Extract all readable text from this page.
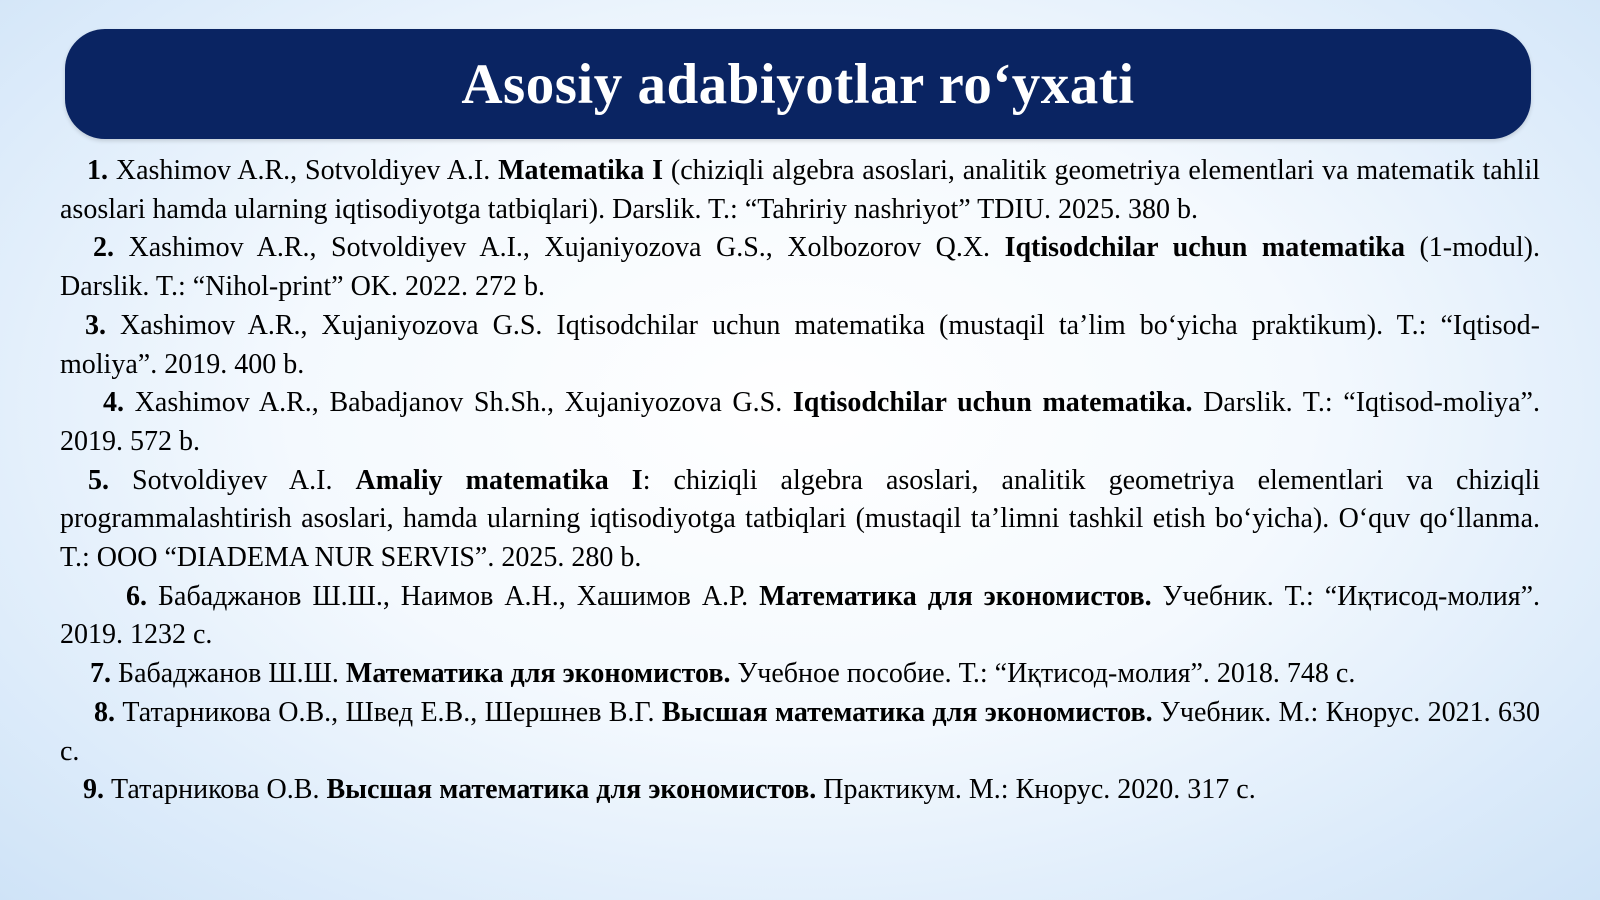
Asosiy adabiyotlar ro‘yxati

1. Xashimov A.R., Sotvoldiyev A.I. Matematika I (chiziqli algebra asoslari, analitik geometriya elementlari va matematik tahlil asoslari hamda ularning iqtisodiyotga tatbiqlari). Darslik. T.: “Tahririy nashriyot” TDIU. 2025. 380 b.

2. Xashimov A.R., Sotvoldiyev A.I., Xujaniyozova G.S., Xolbozorov Q.X. Iqtisodchilar uchun matematika (1-modul). Darslik. T.: “Nihol-print” OK. 2022. 272 b.

3. Xashimov A.R., Xujaniyozova G.S. Iqtisodchilar uchun matematika (mustaqil ta’lim bo‘yicha praktikum). T.: “Iqtisod-moliya”. 2019. 400 b.

4. Xashimov A.R., Babadjanov Sh.Sh., Xujaniyozova G.S. Iqtisodchilar uchun matematika. Darslik. T.: “Iqtisod-moliya”. 2019. 572 b.

5. Sotvoldiyev A.I. Amaliy matematika I: chiziqli algebra asoslari, analitik geometriya elementlari va chiziqli programmalashtirish asoslari, hamda ularning iqtisodiyotga tatbiqlari (mustaqil ta’limni tashkil etish bo‘yicha). O‘quv qo‘llanma. T.: OOO “DIADEMA NUR SERVIS”. 2025. 280 b.

6. Бабаджанов Ш.Ш., Наимов А.Н., Хашимов А.Р. Математика для экономистов. Учебник. Т.: “Иқтисод-молия”. 2019. 1232 с.

7. Бабаджанов Ш.Ш. Математика для экономистов. Учебное пособие. Т.: “Иқтисод-молия”. 2018. 748 с.

8. Татарникова О.В., Швед Е.В., Шершнев В.Г. Высшая математика для экономистов. Учебник. М.: Кнорус. 2021. 630 с.

9. Татарникова О.В. Высшая математика для экономистов. Практикум. М.: Кнорус. 2020. 317 с.
